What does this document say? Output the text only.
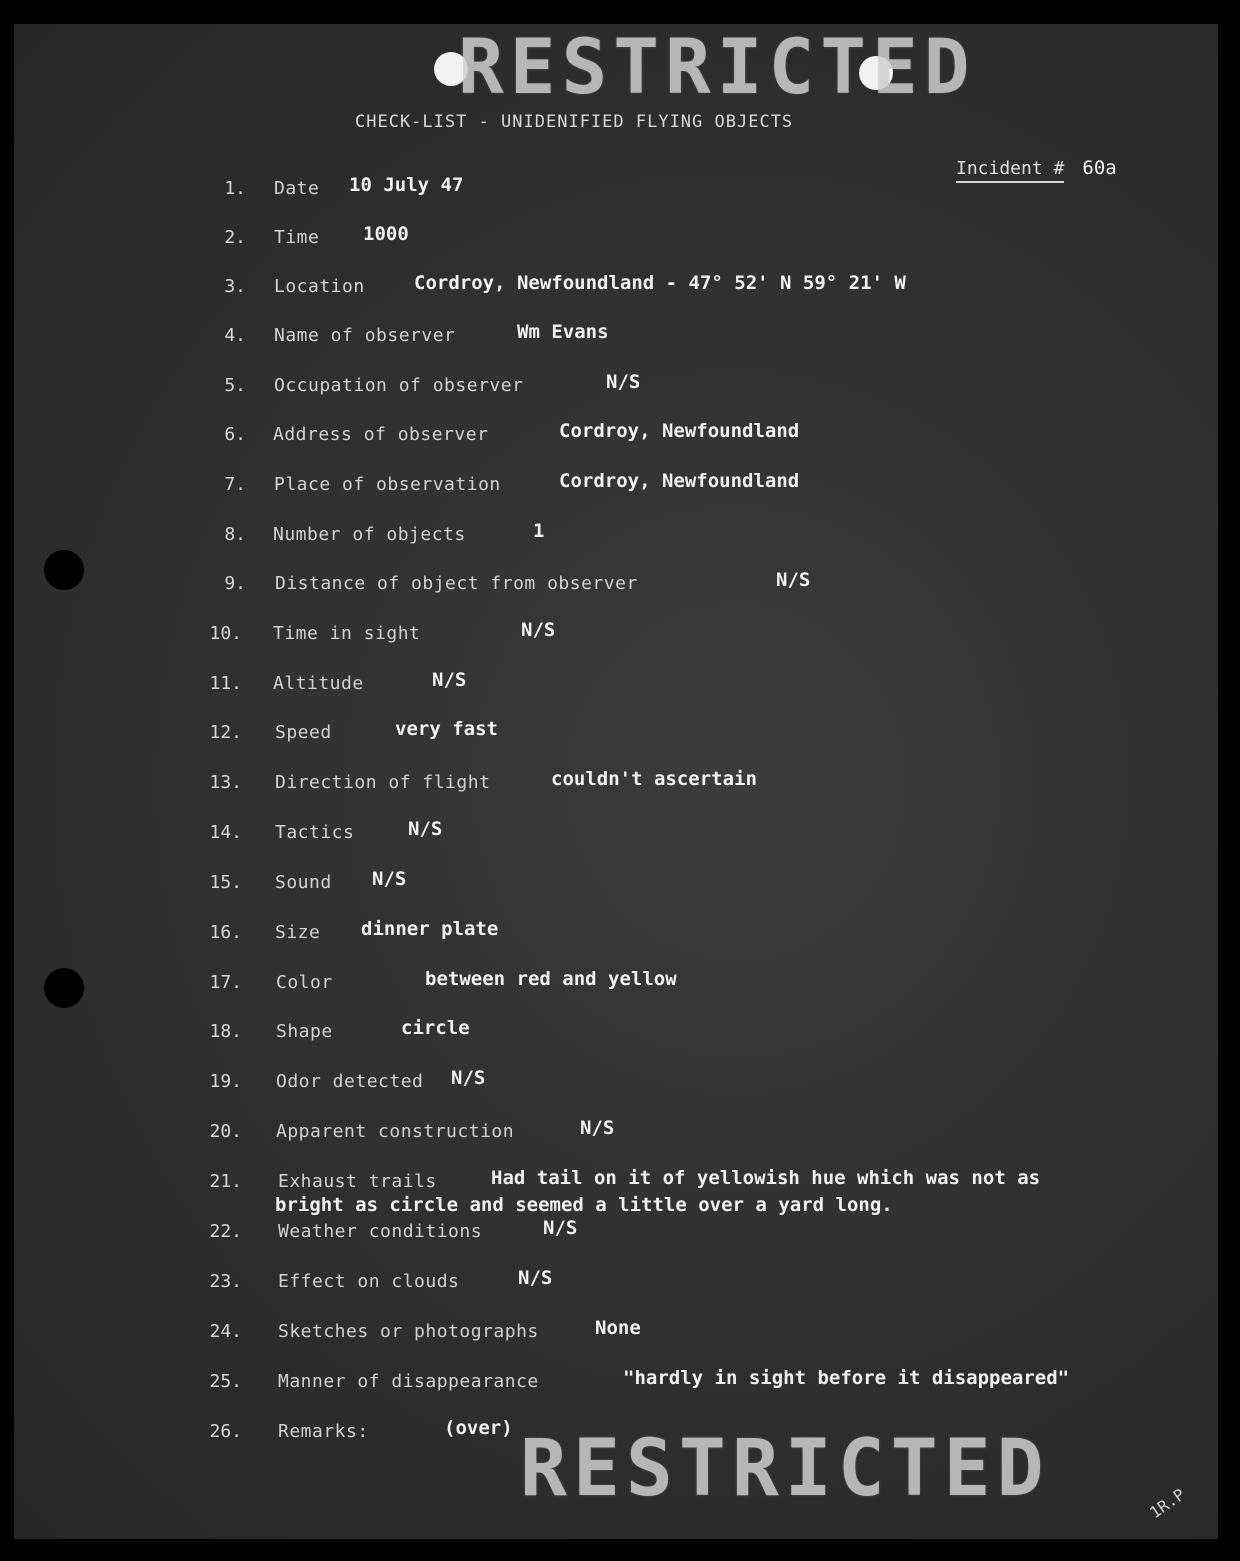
RESTRICTED
CHECK-LIST - UNIDENIFIED FLYING OBJECTS
Incident # 60a
1. Date 10 July 47
2. Time 1000
3. Location	Cordroy, Newfoundland - 47° 52' N 59° 21' W
4. Name of observer	Wm Evans
5. Occupation of observer	N/S
6. Address of observer	Cordroy, Newfoundland
7. Place of observation	Cordroy, Newfoundland
8. Number of objects	1
9. Distance of object from observer	N/S
10. Time in sight	N/S
11. Altitude	N/S
12. Speed	very fast
13. Direction of flight	couldn't ascertain
14. Tactics	N/S
15. Sound N/S
16. Size dinner plate
17. Color	between red and yellow
18. Shape	circle
19. Odor detected N/S
20. Apparent construction	N/S
21. Exhaust trails	Had tail on it of yellowish hue which was not as
bright as circle and seemed a little over a yard long.
22. Weather conditions	N/S
23. Effect on clouds	N/S
24. Sketches or photographs	None
25. Manner of disappearance	"hardly in sight before it disappeared"
26. Remarks:	(over) RESTRICTED	1R.P
